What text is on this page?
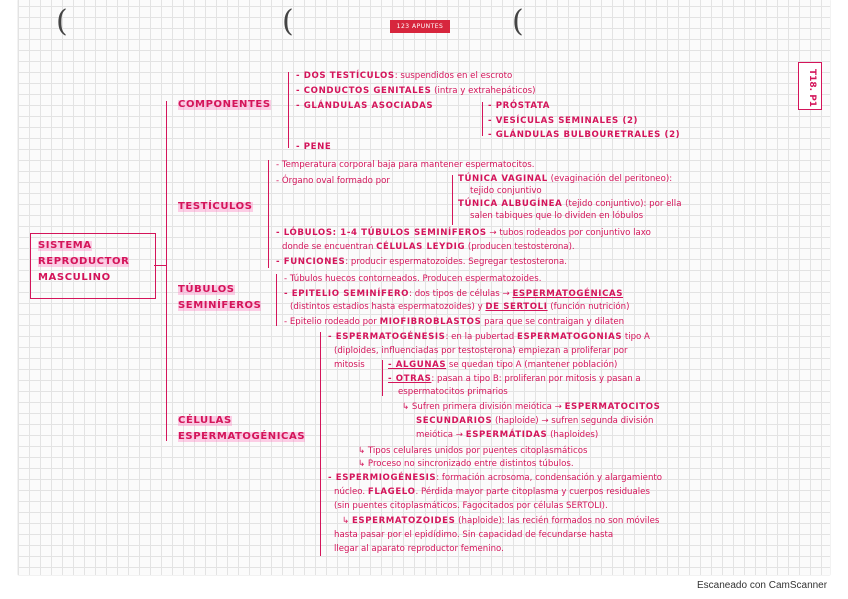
(	(	(
123 APUNTES
T18. P1
SISTEMA
REPRODUCTOR
MASCULINO
COMPONENTES
- DOS TESTÍCULOS: suspendidos en el escroto
- CONDUCTOS GENITALES (intra y extrahepáticos)
- GLÁNDULAS ASOCIADAS
- PENE
- PRÓSTATA
- VESÍCULAS SEMINALES (2)
- GLÁNDULAS BULBOURETRALES (2)
TESTÍCULOS
- Temperatura corporal baja para mantener espermatocitos.
- Órgano oval formado por	TÚNICA VAGINAL (evaginación del peritoneo):
tejido conjuntivo
TÚNICA ALBUGÍNEA (tejido conjuntivo): por ella
salen tabiques que lo dividen en lóbulos
- LÓBULOS: 1-4 TÚBULOS SEMINÍFEROS → tubos rodeados por conjuntivo laxo
donde se encuentran CÉLULAS LEYDIG (producen testosterona).
- FUNCIONES: producir espermatozoides. Segregar testosterona.
TÚBULOS
SEMINÍFEROS
- Túbulos huecos contorneados. Producen espermatozoides.
- EPITELIO SEMINÍFERO: dos tipos de células → ESPERMATOGÉNICAS
(distintos estadios hasta espermatozoides) y DE SERTOLI (función nutrición)
- Epitelio rodeado por MIOFIBROBLASTOS para que se contraigan y dilaten
CÉLULAS
ESPERMATOGÉNICAS
- ESPERMATOGÉNESIS: en la pubertad ESPERMATOGONIAS tipo A
(diploides, influenciadas por testosterona) empiezan a proliferar por
mitosis	- ALGUNAS se quedan tipo A (mantener población)
- OTRAS: pasan a tipo B: proliferan por mitosis y pasan a
espermatocitos primarios
↳ Sufren primera división meiótica → ESPERMATOCITOS
SECUNDARIOS (haploide) → sufren segunda división
meiótica → ESPERMÁTIDAS (haploides)
↳ Tipos celulares unidos por puentes citoplasmáticos
↳ Proceso no sincronizado entre distintos túbulos.
- ESPERMIOGÉNESIS: formación acrosoma, condensación y alargamiento
núcleo. FLAGELO. Pérdida mayor parte citoplasma y cuerpos residuales
(sin puentes citoplasmáticos. Fagocitados por células SERTOLI).
↳ ESPERMATOZOIDES (haploide): las recién formados no son móviles
hasta pasar por el epidídimo. Sin capacidad de fecundarse hasta
llegar al aparato reproductor femenino.
Escaneado con CamScanner
